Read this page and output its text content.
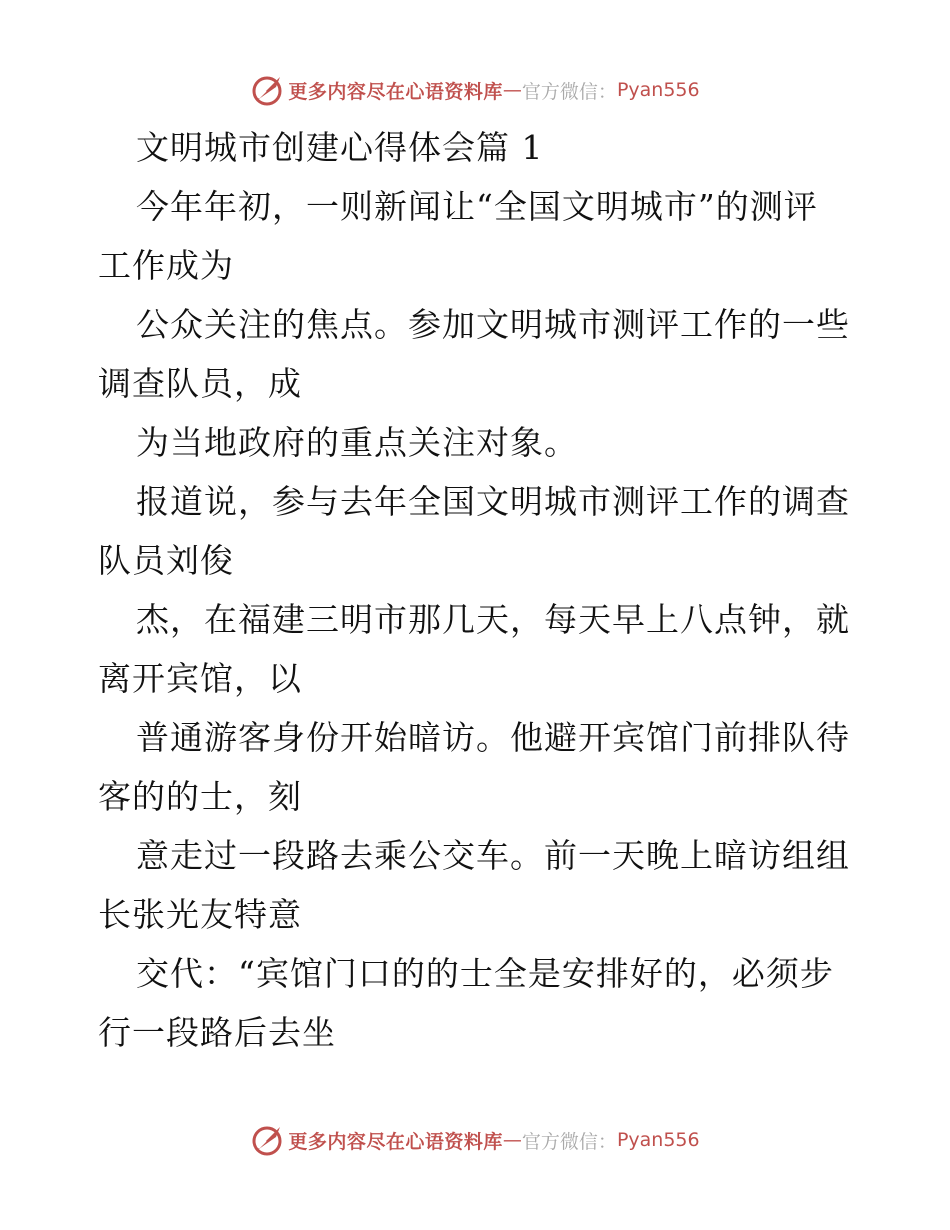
更多内容尽在心语资料库 — 官方微信： Pyan556
文明城市创建心得体会篇 1
今年年初，一则新闻让“全国文明城市”的测评
工作成为
公众关注的焦点。参加文明城市测评工作的一些
调查队员，成
为当地政府的重点关注对象。
报道说，参与去年全国文明城市测评工作的调查
队员刘俊
杰，在福建三明市那几天，每天早上八点钟，就
离开宾馆，以
普通游客身份开始暗访。他避开宾馆门前排队待
客的的士，刻
意走过一段路去乘公交车。前一天晚上暗访组组
长张光友特意
交代：“宾馆门口的的士全是安排好的，必须步
行一段路后去坐
更多内容尽在心语资料库 — 官方微信： Pyan556
